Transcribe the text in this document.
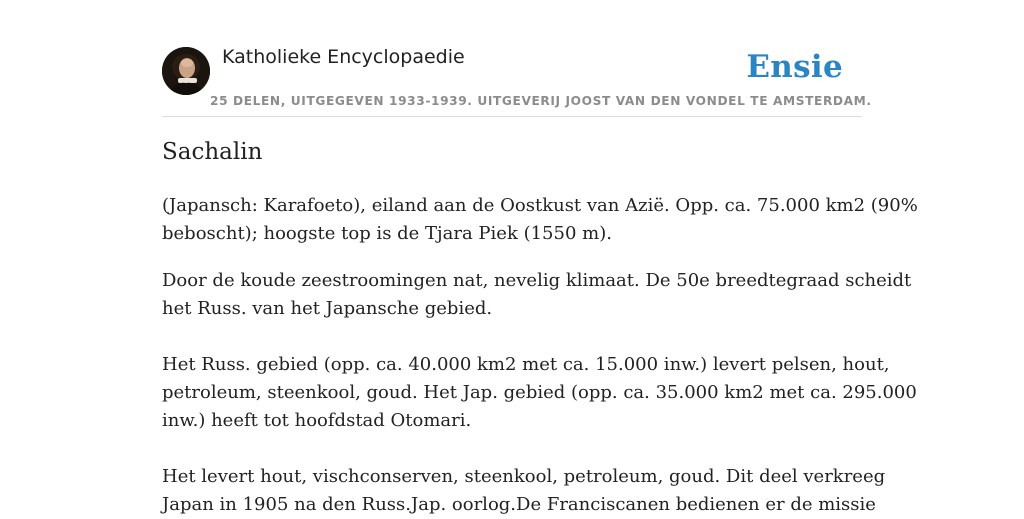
Katholieke Encyclopaedie	Ensie
25 DELEN, UITGEGEVEN 1933-1939. UITGEVERIJ JOOST VAN DEN VONDEL TE AMSTERDAM.
Sachalin

(Japansch: Karafoeto), eiland aan de Oostkust van Azië. Opp. ca. 75.000 km2 (90%
bebosсht); hoogste top is de Tjara Piek (1550 m).

Door de koude zeestroomingen nat, nevelig klimaat. De 50e breedtegraad scheidt
het Russ. van het Japansche gebied.

Het Russ. gebied (opp. ca. 40.000 km2 met ca. 15.000 inw.) levert pelsen, hout,
petroleum, steenkool, goud. Het Jap. gebied (opp. ca. 35.000 km2 met ca. 295.000
inw.) heeft tot hoofdstad Otomari.

Het levert hout, vischconserven, steenkool, petroleum, goud. Dit deel verkreeg
Japan in 1905 na den Russ.Jap. oorlog.De Franciscanen bedienen er de missie
